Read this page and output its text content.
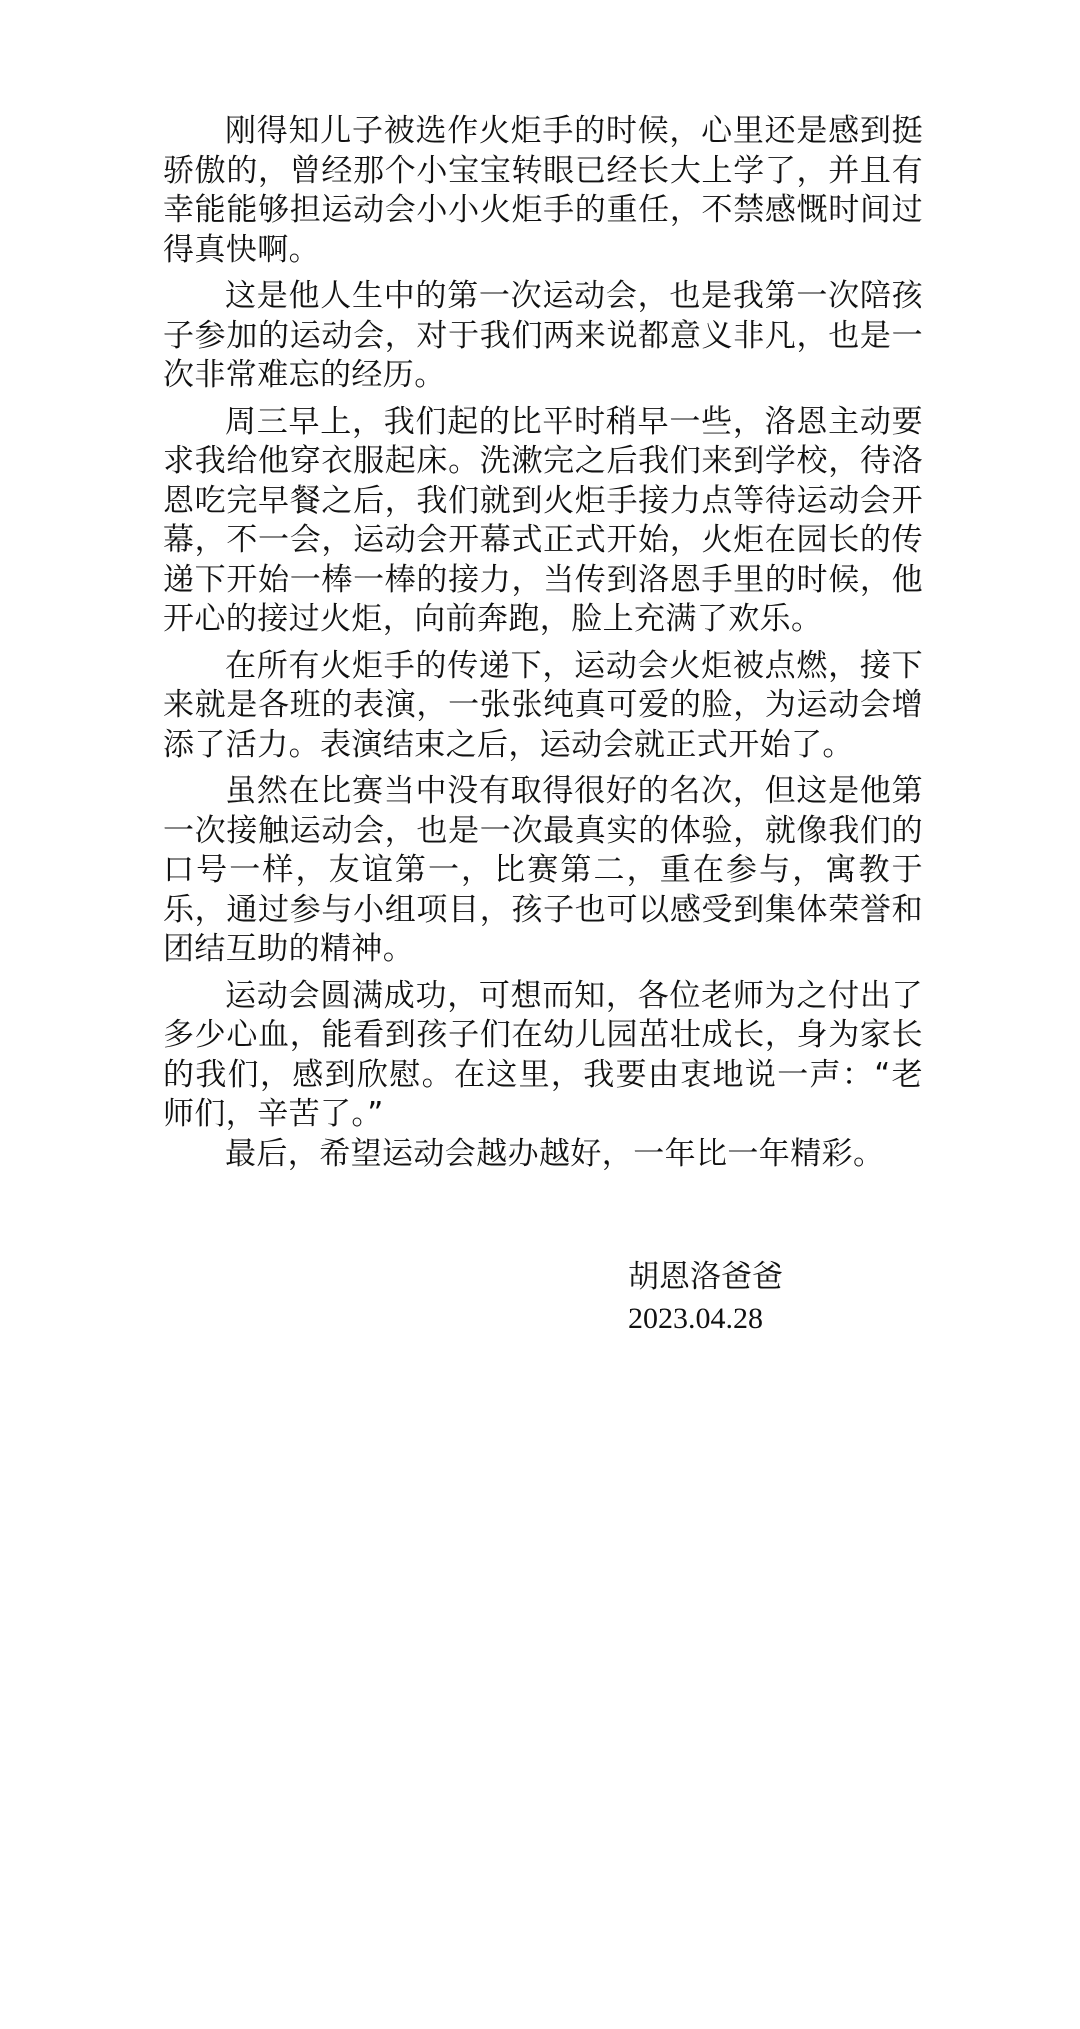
刚得知儿子被选作火炬手的时候，心里还是感到挺骄傲的，曾经那个小宝宝转眼已经长大上学了，并且有幸能能够担运动会小小火炬手的重任，不禁感慨时间过得真快啊。

这是他人生中的第一次运动会，也是我第一次陪孩子参加的运动会，对于我们两来说都意义非凡，也是一次非常难忘的经历。

周三早上，我们起的比平时稍早一些，洛恩主动要求我给他穿衣服起床。洗漱完之后我们来到学校，待洛恩吃完早餐之后，我们就到火炬手接力点等待运动会开幕，不一会，运动会开幕式正式开始，火炬在园长的传递下开始一棒一棒的接力，当传到洛恩手里的时候，他开心的接过火炬，向前奔跑，脸上充满了欢乐。

在所有火炬手的传递下，运动会火炬被点燃，接下来就是各班的表演，一张张纯真可爱的脸，为运动会增添了活力。表演结束之后，运动会就正式开始了。

虽然在比赛当中没有取得很好的名次，但这是他第一次接触运动会，也是一次最真实的体验，就像我们的口号一样，友谊第一，比赛第二，重在参与，寓教于乐，通过参与小组项目，孩子也可以感受到集体荣誉和团结互助的精神。

运动会圆满成功，可想而知，各位老师为之付出了多少心血，能看到孩子们在幼儿园茁壮成长，身为家长的我们，感到欣慰。在这里，我要由衷地说一声：“老师们，辛苦了。”

最后，希望运动会越办越好，一年比一年精彩。

胡恩洛爸爸
2023.04.28
